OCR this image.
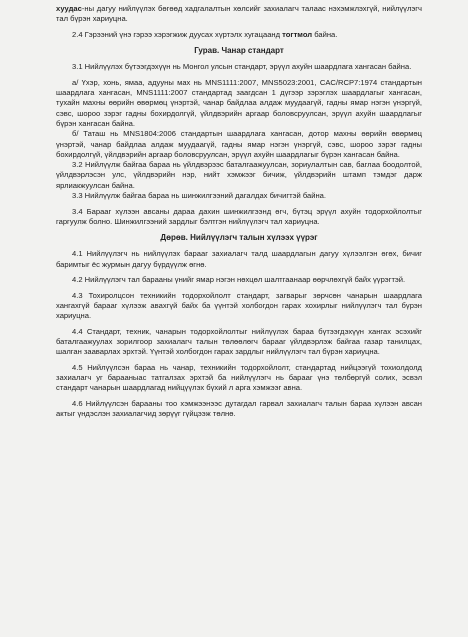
хуудас-ны дагуу нийлүүлэх бөгөөд хадгалалтын хөлсийг захиалагч талаас нэхэмжлэхгүй, нийлүүлэгч тал бүрэн хариуцна.

2.4 Гэрээний үнэ гэрээ хэрэгжиж дуусах хүртэлх хугацаанд тогтмол байна.

Гурав. Чанар стандарт

3.1 Нийлүүлэх бүтээгдэхүүн нь Монгол улсын стандарт, эрүүл ахуйн шаардлага хангасан байна.

а/ Үхэр, хонь, ямаа, адууны мах нь MNS1111:2007, MNS5023:2001, CAC/RCP7:1974 стандартын шаардлага хангасан, MNS1111:2007 стандартад заагдсан 1 дүгээр зэрэглэх шаардлагыг хангасан, тухайн махны өөрийн өвөрмөц үнэртэй, чанар байдлаа алдаж муудаагүй, гадны ямар нэгэн үнэргүй, сэвс, шороо зэрэг гадны бохирдолгүй, үйлдвэрийн аргаар боловсруулсан, эрүүл ахуйн шаардлагыг бүрэн хангасан байна.

б/ Таташ нь MNS1804:2006 стандартын шаардлага хангасан, дотор махны өөрийн өвөрмөц үнэртэй, чанар байдлаа алдаж муудаагүй, гадны ямар нэгэн үнэргүй, сэвс, шороо зэрэг гадны бохирдолгүй, үйлдвэрийн аргаар боловсруулсан, эрүүл ахуйн шаардлагыг бүрэн хангасан байна.

3.2 Нийлүүлж байгаа бараа нь үйлдвэрээс баталгаажуулсан, зориулалтын сав, баглаа боодолтой, үйлдвэрлэсэн улс, үйлдвэрийн нэр, нийт хэмжээг бичиж, үйлдвэрийн штамп тэмдэг дарж ярлиакжуулсан байна.

3.3 Нийлүүлж байгаа бараа нь шинжилгээний дагалдах бичигтэй байна.

3.4 Барааг хүлээн авсаны дараа дахин шинжилгээнд өгч, бүтэц эрүүл ахуйн тодорхойлолтыг гаргуулж болно. Шинжилгээний зардлыг бэлтгэн нийлүүлэгч тал хариуцна.

Дөрөв. Нийлүүлэгч талын хүлээх үүрэг

4.1 Нийлүүлэгч нь нийлүүлэх барааг захиалагч талд шаардлагын дагуу хүлээлгэн өгөх, бичиг баримтыг ёс журмын дагуу бүрдүүлж өгнө.

4.2 Нийлүүлэгч тал барааны үнийг ямар нэгэн нөхцөл шалтгаанаар өөрчлөхгүй байх үүрэгтэй.

4.3 Тохиролцсон техникийн тодорхойлолт стандарт, загварыг зөрчсөн чанарын шаардлага хангахгүй барааг хүлээж авахгүй байх ба үүнтэй холбогдон гарах хохирлыг нийлүүлэгч тал бүрэн хариуцна.

4.4 Стандарт, техник, чанарын тодорхойлолтыг нийлүүлэх бараа бүтээгдэхүүн хангах эсэхийг баталгаажуулах зорилгоор захиалагч талын төлөөлөгч барааг үйлдвэрлэж байгаа газар танилцах, шалган зааварлах эрхтэй. Үүнтэй холбогдон гарах зардлыг нийлүүлэгч тал бүрэн хариуцна.

4.5 Нийлүүлсэн бараа нь чанар, техникийн тодорхойлолт, стандартад нийцээгүй тохиолдолд захиалагч уг барааныас татгалзах эрхтэй ба нийлүүлэгч нь барааг үнэ төлбөргүй солих, эсвэл стандарт чанарын шаардлагад нийцүүлэх бүхий л арга хэмжээг авна.

4.6 Нийлүүлсэн барааны тоо хэмжээнээс дутагдал гарвал захиалагч талын бараа хүлээн авсан актыг үндэслэн захиалагчид зөрүүг гүйцээж төлнө.
